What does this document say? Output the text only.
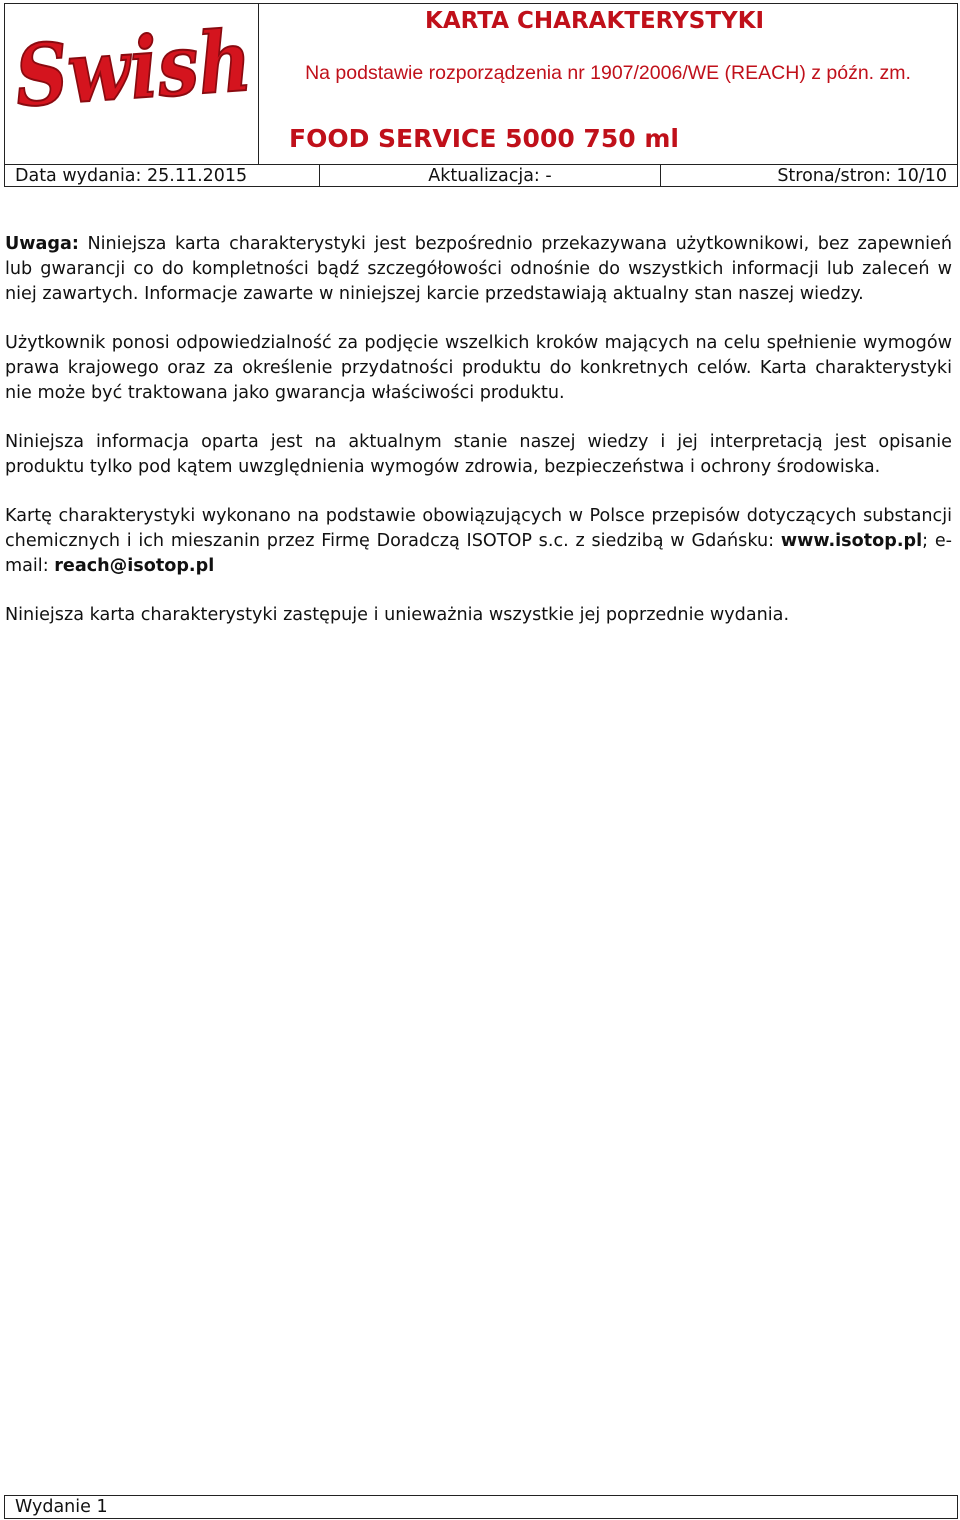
Swish	KARTA CHARAKTERYSTYKI
Na podstawie rozporządzenia nr 1907/2006/WE (REACH) z późn. zm.
FOOD SERVICE 5000 750 ml
Data wydania: 25.11.2015	Aktualizacja: -	Strona/stron: 10/10

Uwaga: Niniejsza karta charakterystyki jest bezpośrednio przekazywana użytkownikowi, bez zapewnień lub gwarancji co do kompletności bądź szczegółowości odnośnie do wszystkich informacji lub zaleceń w niej zawartych. Informacje zawarte w niniejszej karcie przedstawiają aktualny stan naszej wiedzy.

Użytkownik ponosi odpowiedzialność za podjęcie wszelkich kroków mających na celu spełnienie wymogów prawa krajowego oraz za określenie przydatności produktu do konkretnych celów. Karta charakterystyki nie może być traktowana jako gwarancja właściwości produktu.

Niniejsza informacja oparta jest na aktualnym stanie naszej wiedzy i jej interpretacją jest opisanie produktu tylko pod kątem uwzględnienia wymogów zdrowia, bezpieczeństwa i ochrony środowiska.

Kartę charakterystyki wykonano na podstawie obowiązujących w Polsce przepisów dotyczących substancji chemicznych i ich mieszanin przez Firmę Doradczą ISOTOP s.c. z siedzibą w Gdańsku: www.isotop.pl; e-mail: reach@isotop.pl

Niniejsza karta charakterystyki zastępuje i unieważnia wszystkie jej poprzednie wydania.

Wydanie 1
